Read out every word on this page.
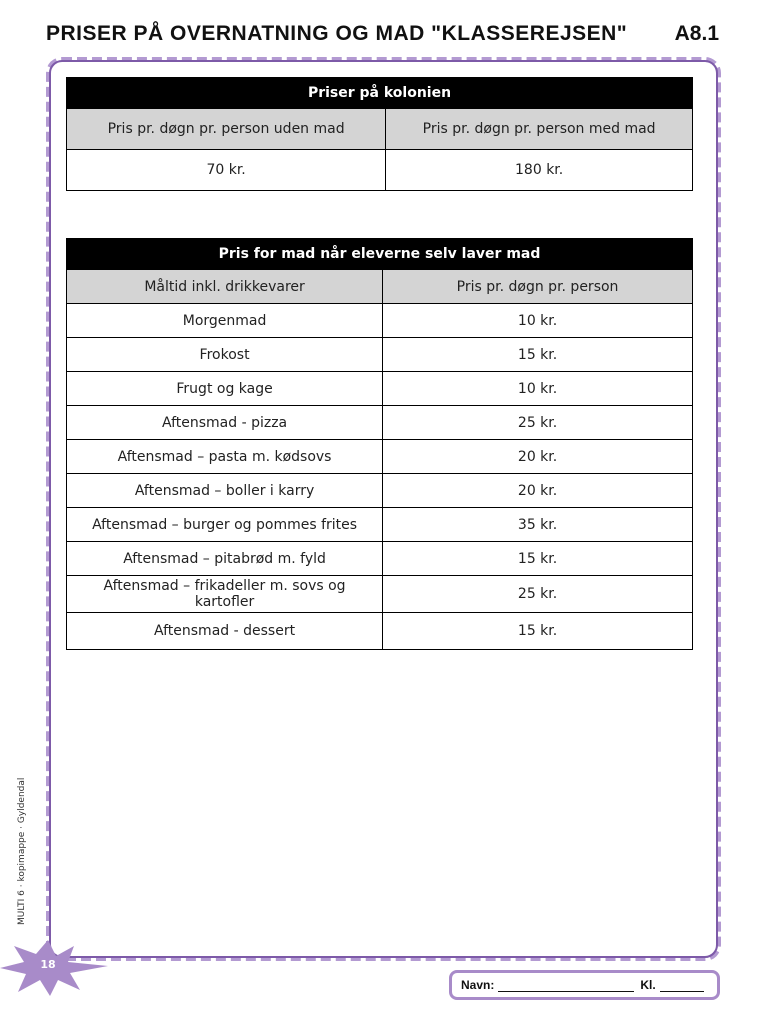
PRISER PÅ OVERNATNING OG MAD "KLASSEREJSEN" A8.1
Priser på kolonien	
Pris pr. døgn pr. person uden mad	Pris pr. døgn pr. person med mad
70 kr.	180 kr.
Pris for mad når eleverne selv laver mad	
Måltid inkl. drikkevarer	Pris pr. døgn pr. person
Morgenmad	10 kr.
Frokost	15 kr.
Frugt og kage	10 kr.
Aftensmad - pizza	25 kr.
Aftensmad – pasta m. kødsovs	20 kr.
Aftensmad – boller i karry	20 kr.
Aftensmad – burger og pommes frites	35 kr.
Aftensmad – pitabrød m. fyld	15 kr.
Aftensmad – frikadeller m. sovs og kartofler	25 kr.
Aftensmad - dessert	15 kr.
MULTI 6 · kopimappe · Gyldendal
18
Navn:	Kl.
